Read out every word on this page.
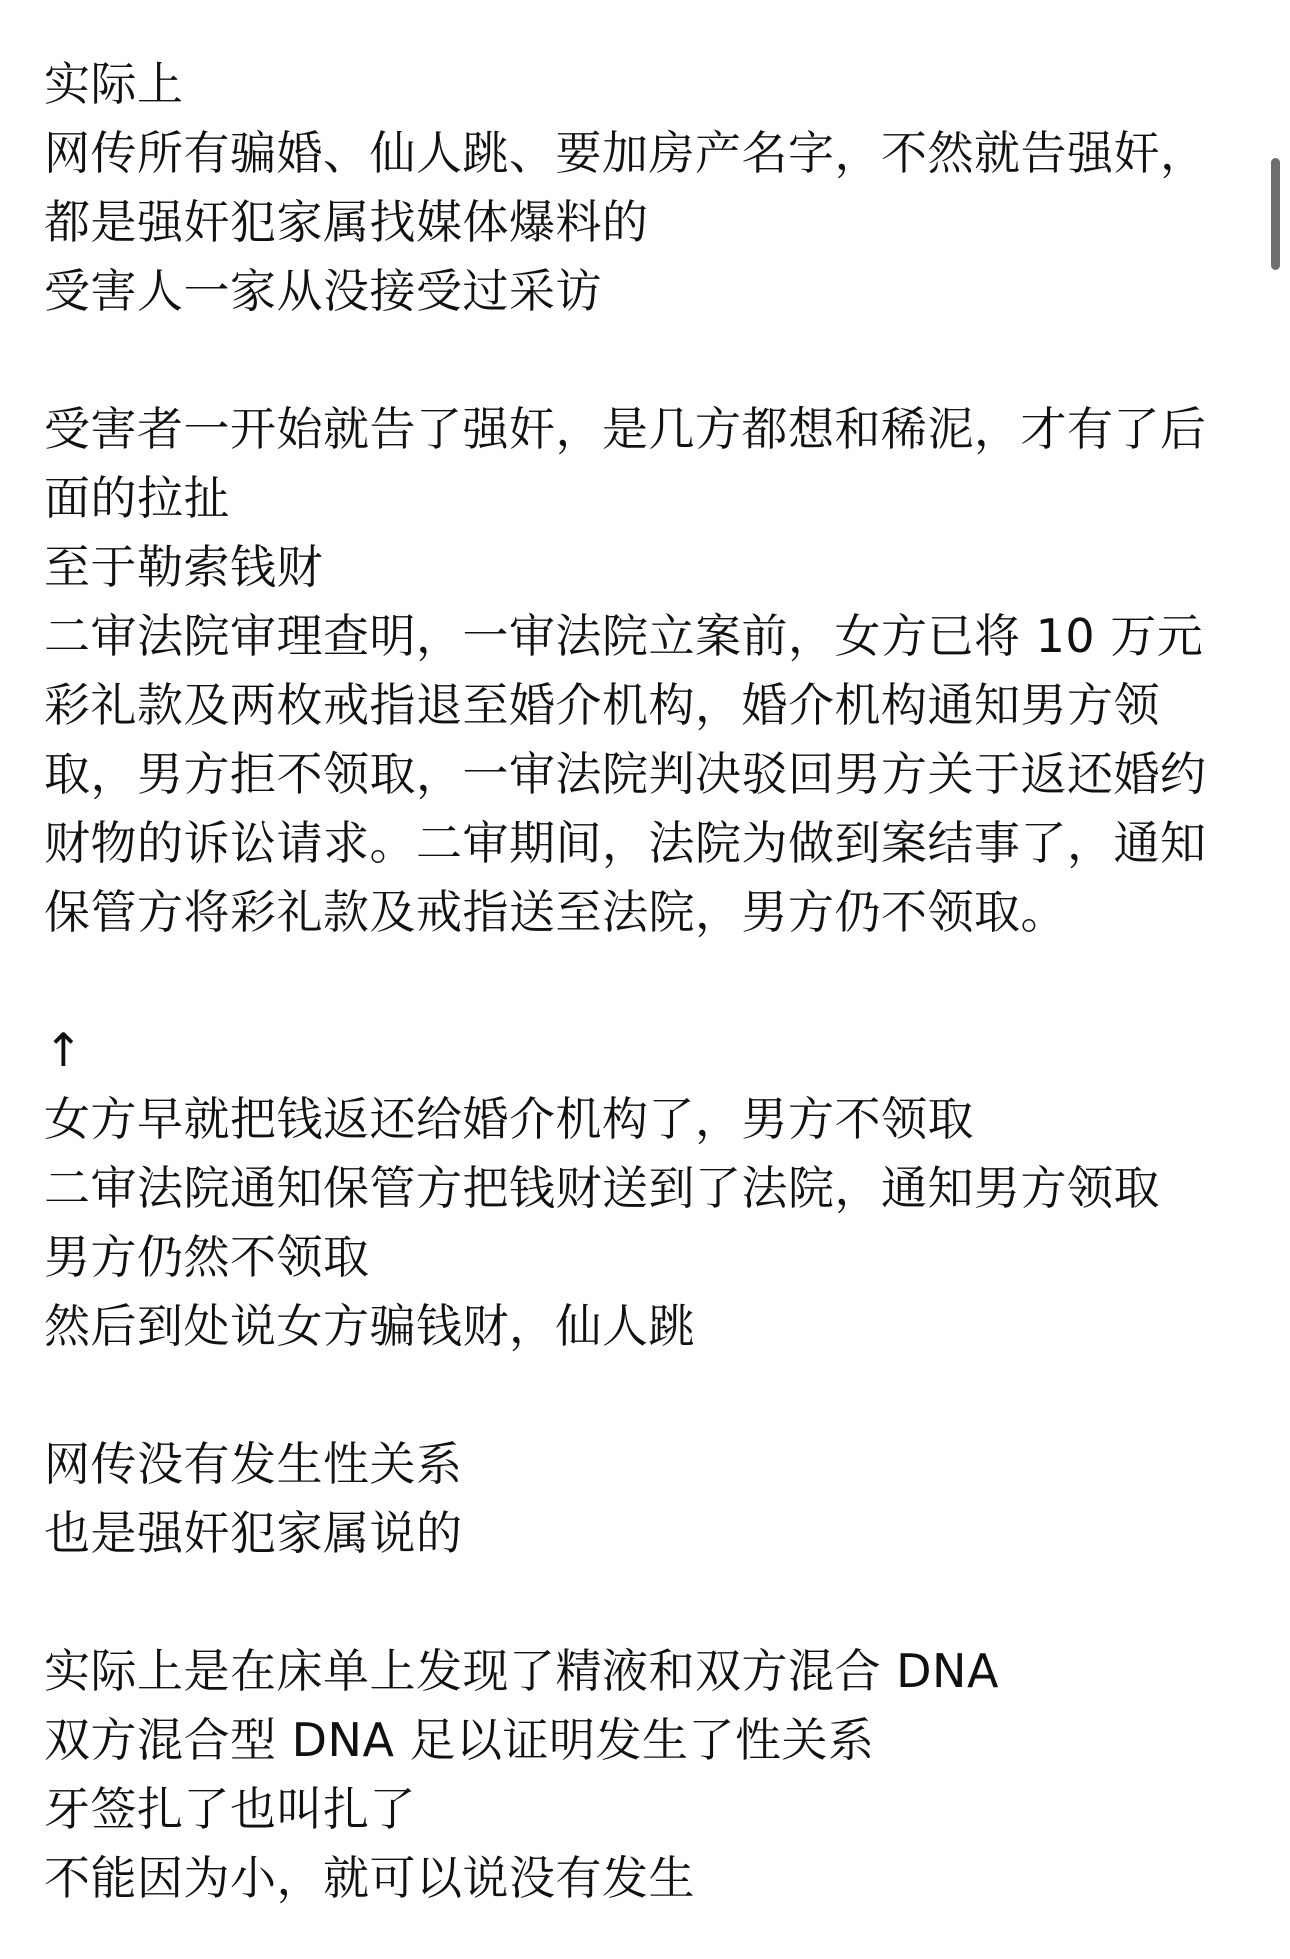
实际上
网传所有骗婚、仙人跳、要加房产名字，不然就告强奸，
都是强奸犯家属找媒体爆料的
受害人一家从没接受过采访
受害者一开始就告了强奸，是几方都想和稀泥，才有了后
面的拉扯
至于勒索钱财
二审法院审理查明，一审法院立案前，女方已将 10 万元
彩礼款及两枚戒指退至婚介机构，婚介机构通知男方领
取，男方拒不领取，一审法院判决驳回男方关于返还婚约
财物的诉讼请求。二审期间，法院为做到案结事了，通知
保管方将彩礼款及戒指送至法院，男方仍不领取。
↑
女方早就把钱返还给婚介机构了，男方不领取
二审法院通知保管方把钱财送到了法院，通知男方领取
男方仍然不领取
然后到处说女方骗钱财，仙人跳
网传没有发生性关系
也是强奸犯家属说的
实际上是在床单上发现了精液和双方混合 DNA
双方混合型 DNA 足以证明发生了性关系
牙签扎了也叫扎了
不能因为小，就可以说没有发生
